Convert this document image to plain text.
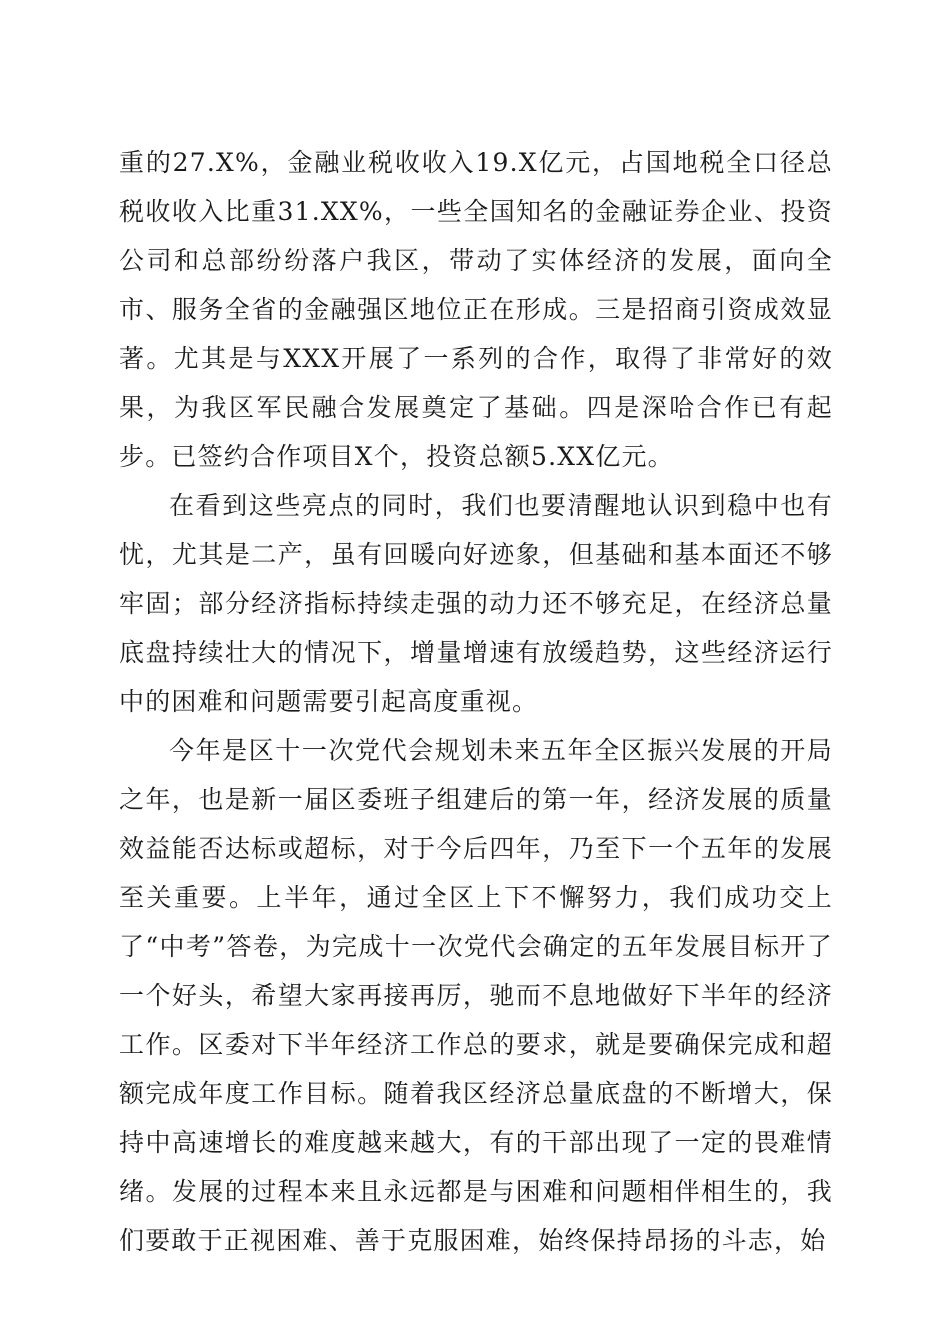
重的27.X%，金融业税收收入19.X亿元，占国地税全口径总税收收入比重31.XX%，一些全国知名的金融证券企业、投资公司和总部纷纷落户我区，带动了实体经济的发展，面向全市、服务全省的金融强区地位正在形成。三是招商引资成效显著。尤其是与XXX开展了一系列的合作，取得了非常好的效果，为我区军民融合发展奠定了基础。四是深哈合作已有起步。已签约合作项目X个，投资总额5.XX亿元。

在看到这些亮点的同时，我们也要清醒地认识到稳中也有忧，尤其是二产，虽有回暖向好迹象，但基础和基本面还不够牢固；部分经济指标持续走强的动力还不够充足，在经济总量底盘持续壮大的情况下，增量增速有放缓趋势，这些经济运行中的困难和问题需要引起高度重视。

今年是区十一次党代会规划未来五年全区振兴发展的开局之年，也是新一届区委班子组建后的第一年，经济发展的质量效益能否达标或超标，对于今后四年，乃至下一个五年的发展至关重要。上半年，通过全区上下不懈努力，我们成功交上了“中考”答卷，为完成十一次党代会确定的五年发展目标开了一个好头，希望大家再接再厉，驰而不息地做好下半年的经济工作。区委对下半年经济工作总的要求，就是要确保完成和超额完成年度工作目标。随着我区经济总量底盘的不断增大，保持中高速增长的难度越来越大，有的干部出现了一定的畏难情绪。发展的过程本来且永远都是与困难和问题相伴相生的，我们要敢于正视困难、善于克服困难，始终保持昂扬的斗志，始
